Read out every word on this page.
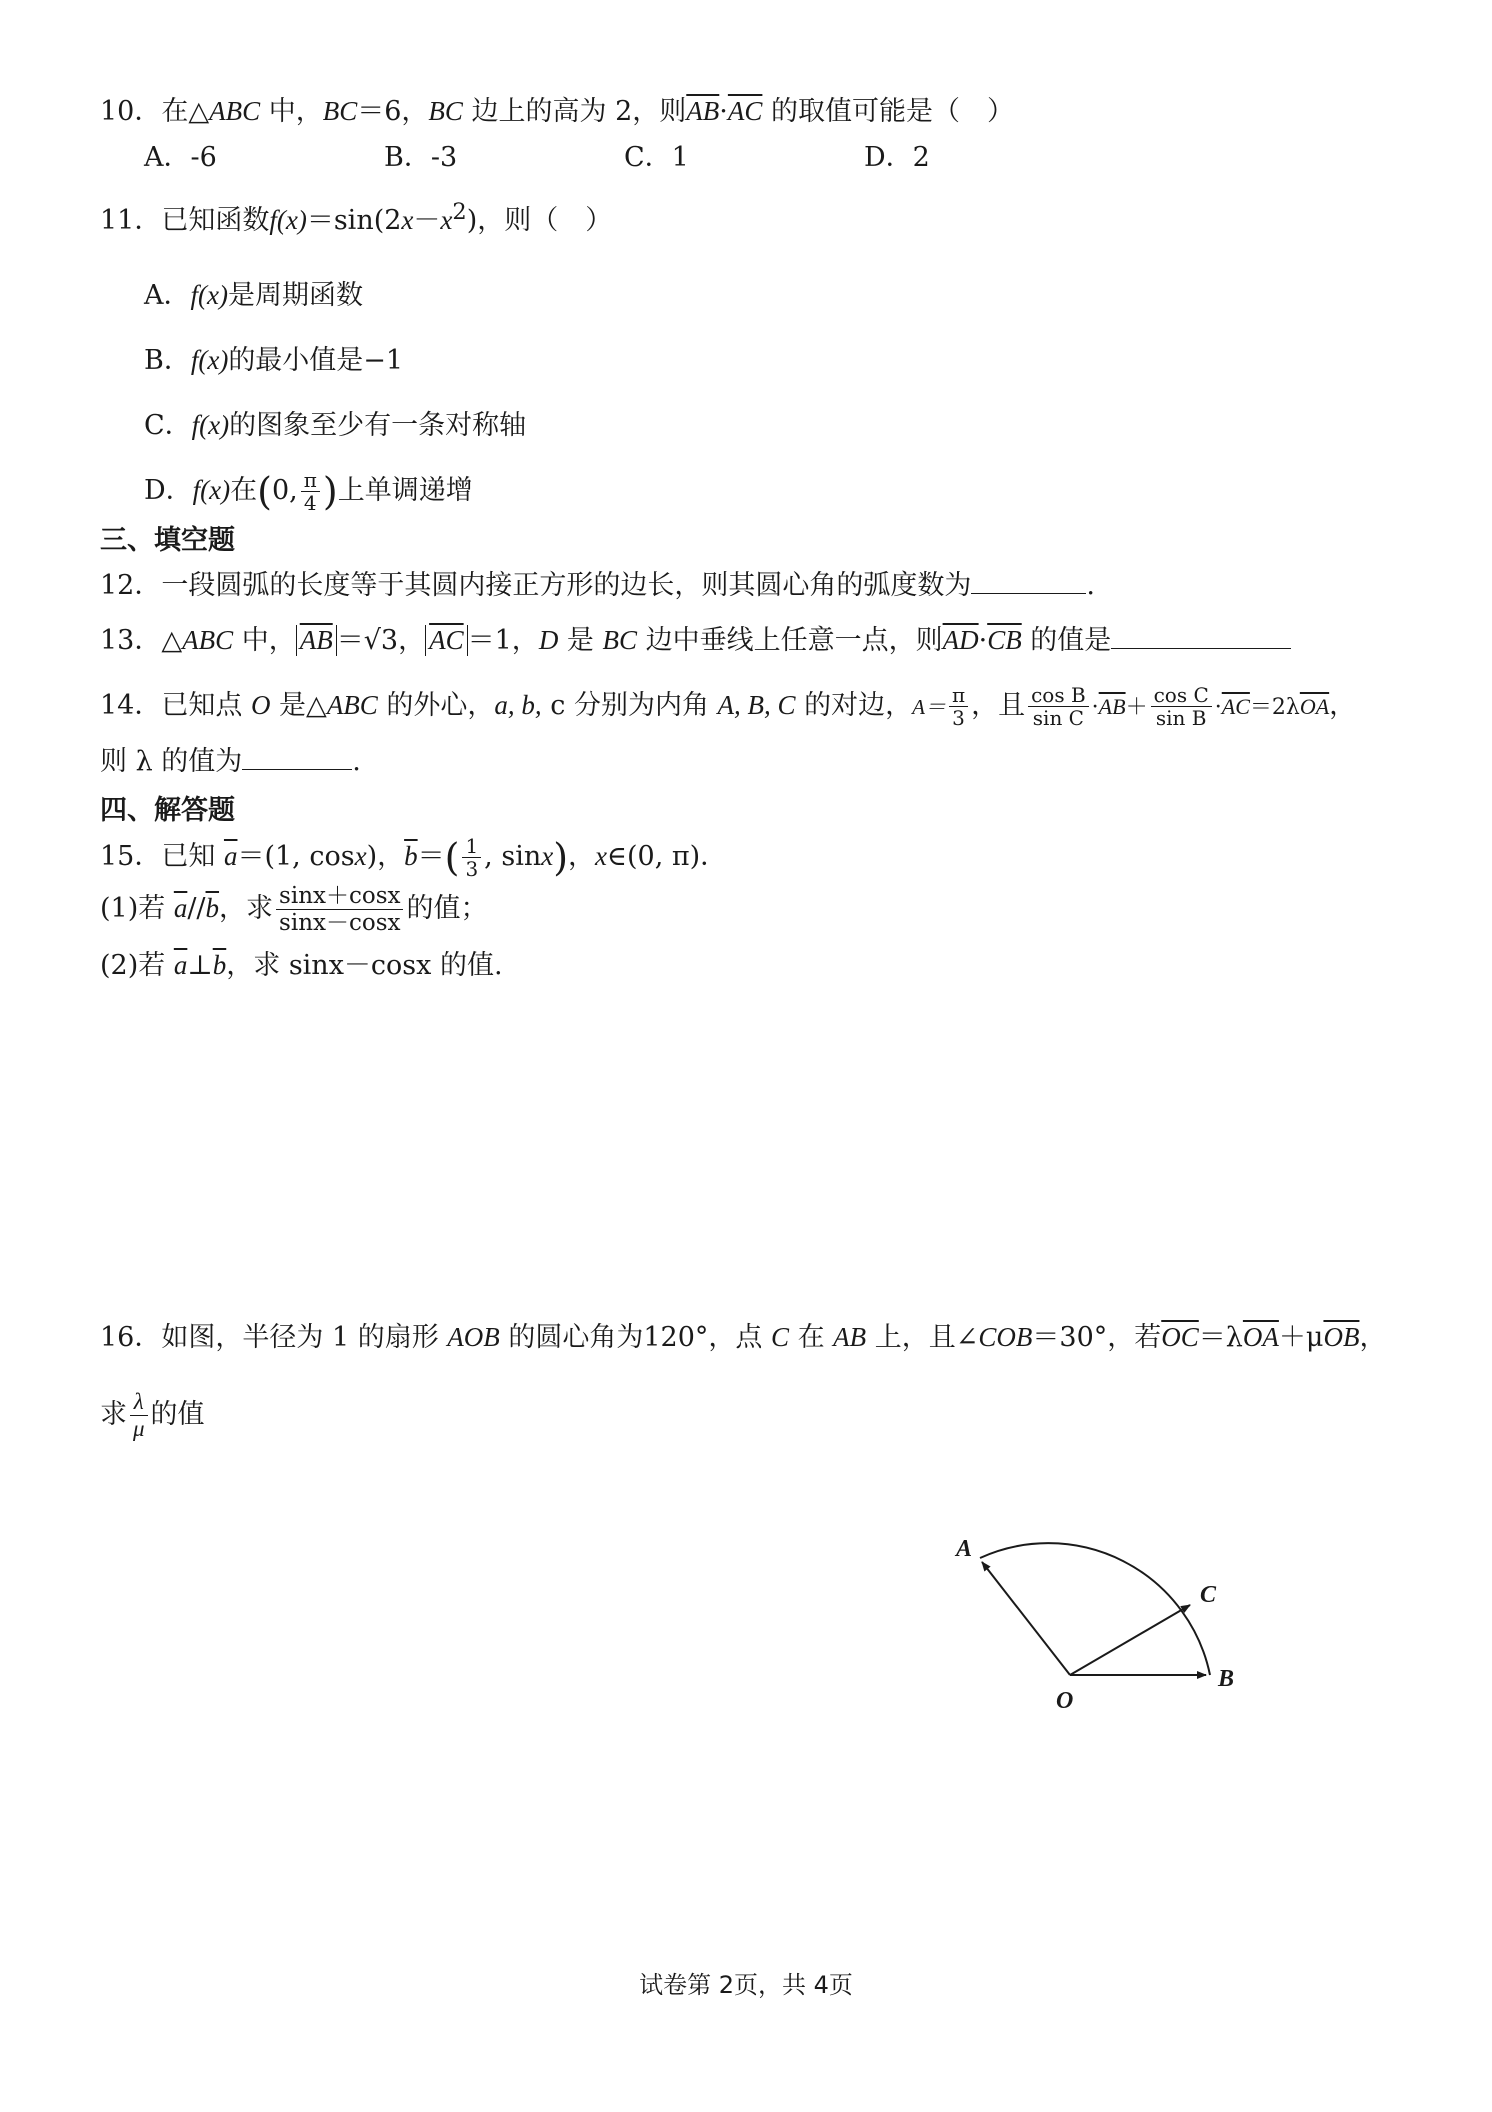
10．在△ABC 中，BC＝6，BC 边上的高为 2，则$\overline{AB}\cdot\overline{AC}$ 的取值可能是（　）

A．-6	B．-3	C．1	D．2

11．已知函数$f(x)=\sin(2x-x^2)$，则（　）

A．f(x)是周期函数

B．f(x)的最小值是−1

C．f(x)的图象至少有一条对称轴

D．f(x)在(0, $\frac{\pi}{4}$ )上单调递增

三、填空题

12．一段圆弧的长度等于其圆内接正方形的边长，则其圆心角的弧度数为	.

13．△ABC 中， $\overline{AB} =√3$， $\overline{AC} =1$，D 是 BC 边中垂线上任意一点，则$\overline{AD}\cdot\overline{CB}$ 的值是

14．已知点 O 是△ABC 的外心，a, b, c 分别为内角 A, B, C 的对边，$A= \frac{\pi}{3}$ ，且 $\frac{\text{cos B}}{\text{sin C}} \cdot\overline{AB}+ \frac{\text{cos C}}{\text{sin B}} \cdot\overline{AC}=2\lambda\overline{OA}$，

则 λ 的值为	.

四、解答题

15．已知 $\overline{a}=(1$, cosx)，$\overline{b}=( \frac{1}{3}$ , sinx)，x∈(0, π)．

(1)若 $\overline{a}//\overline{b}$，求 $\frac{\sin x+\cos x}{\sin x-\cos x}$ 的值；

(2)若 $\overline{a}\perp\overline{b}$，求 sinx－cosx 的值.

16．如图，半径为 1 的扇形 AOB 的圆心角为120°，点 C 在 AB 上，且∠COB＝30°，若$\overline{OC}=\lambda\overline{OA}+\mu\overline{OB}$，

求 $\frac{\lambda}{\mu}$ 的值

A
B
C
O
试卷第 2页，共 4页
